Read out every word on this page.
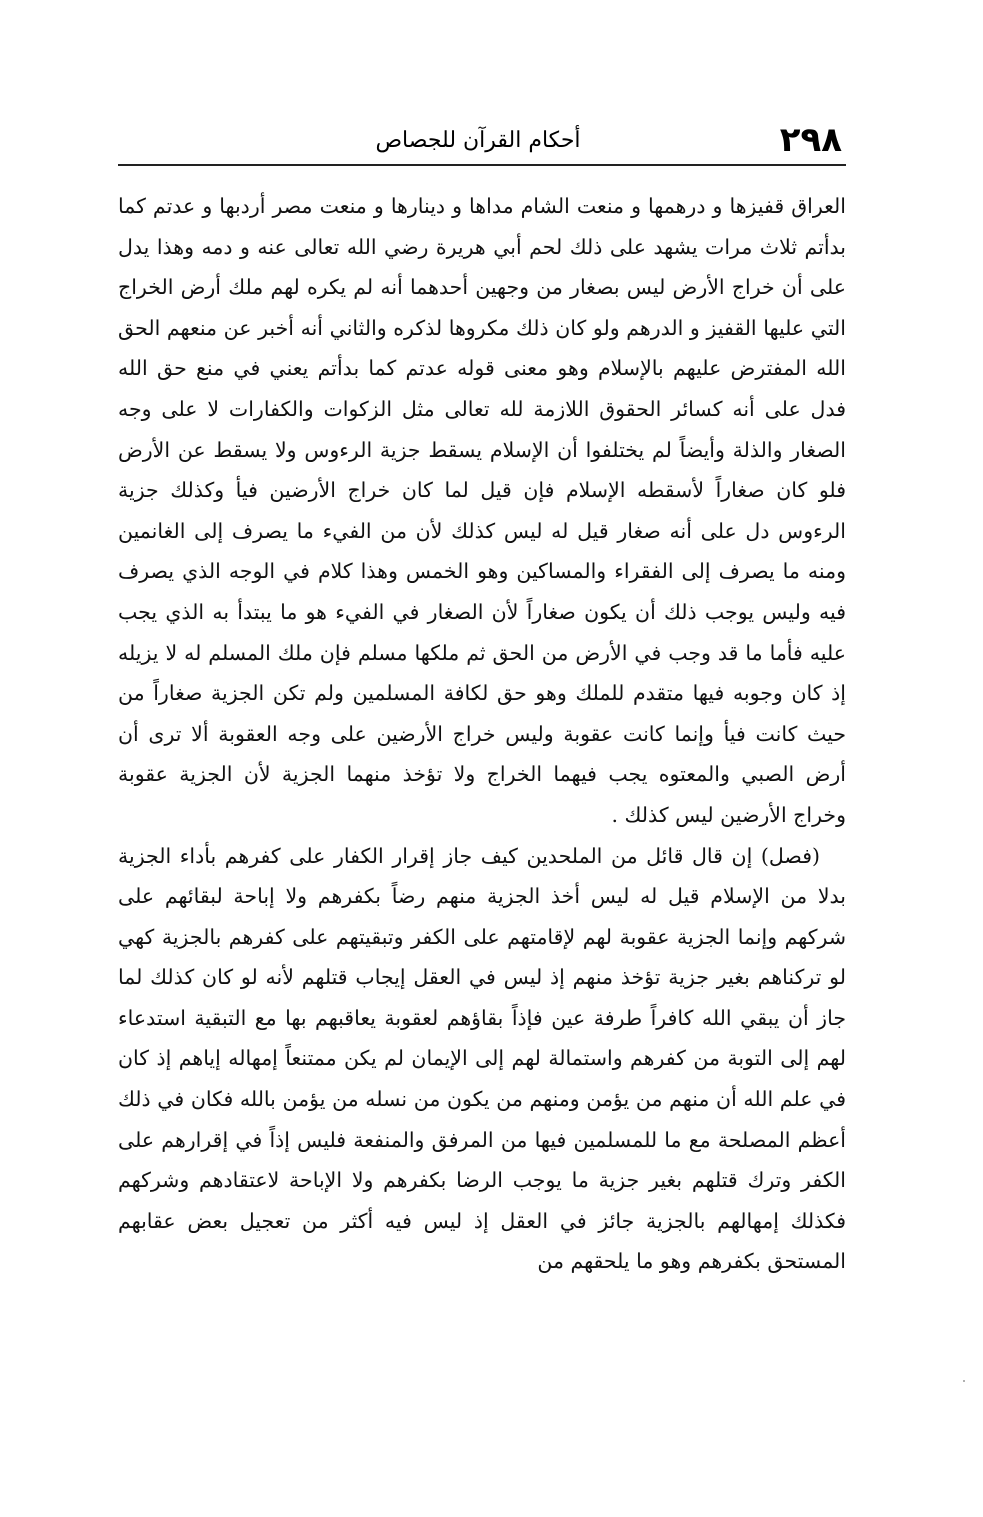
٢٩٨
أحكام القرآن للجصاص

العراق قفيزها و درهمها و منعت الشام مداها و دينارها و منعت مصر أردبها و عدتم كما بدأتم ثلاث مرات يشهد على ذلك لحم أبي هريرة رضي الله تعالى عنه و دمه وهذا يدل على أن خراج الأرض ليس بصغار من وجهين أحدهما أنه لم يكره لهم ملك أرض الخراج التي عليها القفيز و الدرهم ولو كان ذلك مكروها لذكره والثاني أنه أخبر عن منعهم الحق الله المفترض عليهم بالإسلام وهو معنى قوله عدتم كما بدأتم يعني في منع حق الله فدل على أنه كسائر الحقوق اللازمة لله تعالى مثل الزكوات والكفارات لا على وجه الصغار والذلة وأيضاً لم يختلفوا أن الإسلام يسقط جزية الرءوس ولا يسقط عن الأرض فلو كان صغاراً لأسقطه الإسلام فإن قيل لما كان خراج الأرضين فيأ وكذلك جزية الرءوس دل على أنه صغار قيل له ليس كذلك لأن من الفيء ما يصرف إلى الغانمين ومنه ما يصرف إلى الفقراء والمساكين وهو الخمس وهذا كلام في الوجه الذي يصرف فيه وليس يوجب ذلك أن يكون صغاراً لأن الصغار في الفيء هو ما يبتدأ به الذي يجب عليه فأما ما قد وجب في الأرض من الحق ثم ملكها مسلم فإن ملك المسلم له لا يزيله إذ كان وجوبه فيها متقدم للملك وهو حق لكافة المسلمين ولم تكن الجزية صغاراً من حيث كانت فيأ وإنما كانت عقوبة وليس خراج الأرضين على وجه العقوبة ألا ترى أن أرض الصبي والمعتوه يجب فيهما الخراج ولا تؤخذ منهما الجزية لأن الجزية عقوبة وخراج الأرضين ليس كذلك .

(فصل) إن قال قائل من الملحدين كيف جاز إقرار الكفار على كفرهم بأداء الجزية بدلا من الإسلام قيل له ليس أخذ الجزية منهم رضاً بكفرهم ولا إباحة لبقائهم على شركهم وإنما الجزية عقوبة لهم لإقامتهم على الكفر وتبقيتهم على كفرهم بالجزية كهي لو تركناهم بغير جزية تؤخذ منهم إذ ليس في العقل إيجاب قتلهم لأنه لو كان كذلك لما جاز أن يبقي الله كافراً طرفة عين فإذاً بقاؤهم لعقوبة يعاقبهم بها مع التبقية استدعاء لهم إلى التوبة من كفرهم واستمالة لهم إلى الإيمان لم يكن ممتنعاً إمهاله إياهم إذ كان في علم الله أن منهم من يؤمن ومنهم من يكون من نسله من يؤمن بالله فكان في ذلك أعظم المصلحة مع ما للمسلمين فيها من المرفق والمنفعة فليس إذاً في إقرارهم على الكفر وترك قتلهم بغير جزية ما يوجب الرضا بكفرهم ولا الإباحة لاعتقادهم وشركهم فكذلك إمهالهم بالجزية جائز في العقل إذ ليس فيه أكثر من تعجيل بعض عقابهم المستحق بكفرهم وهو ما يلحقهم من
